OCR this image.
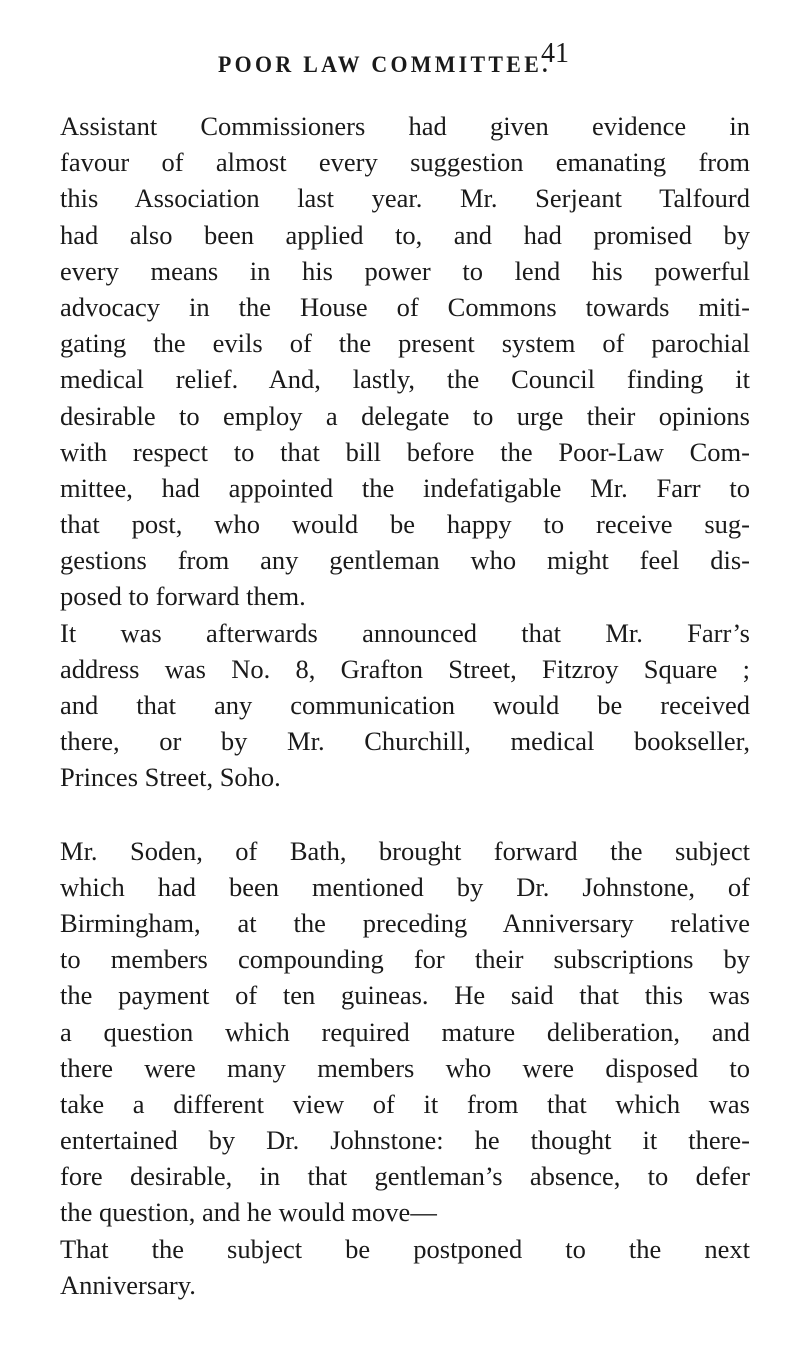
POOR LAW COMMITTEE.
41
Assistant Commissioners had given evidence in
favour of almost every suggestion emanating from
this Association last year. Mr. Serjeant Talfourd
had also been applied to, and had promised by
every means in his power to lend his powerful
advocacy in the House of Commons towards miti-
gating the evils of the present system of parochial
medical relief. And, lastly, the Council finding it
desirable to employ a delegate to urge their opinions
with respect to that bill before the Poor-Law Com-
mittee, had appointed the indefatigable Mr. Farr to
that post, who would be happy to receive sug-
gestions from any gentleman who might feel dis-
posed to forward them.
It was afterwards announced that Mr. Farr’s
address was No. 8, Grafton Street, Fitzroy Square ;
and that any communication would be received
there, or by Mr. Churchill, medical bookseller,
Princes Street, Soho.
Mr. Soden, of Bath, brought forward the subject
which had been mentioned by Dr. Johnstone, of
Birmingham, at the preceding Anniversary relative
to members compounding for their subscriptions by
the payment of ten guineas. He said that this was
a question which required mature deliberation, and
there were many members who were disposed to
take a different view of it from that which was
entertained by Dr. Johnstone: he thought it there-
fore desirable, in that gentleman’s absence, to defer
the question, and he would move—
That the subject be postponed to the next
Anniversary.
